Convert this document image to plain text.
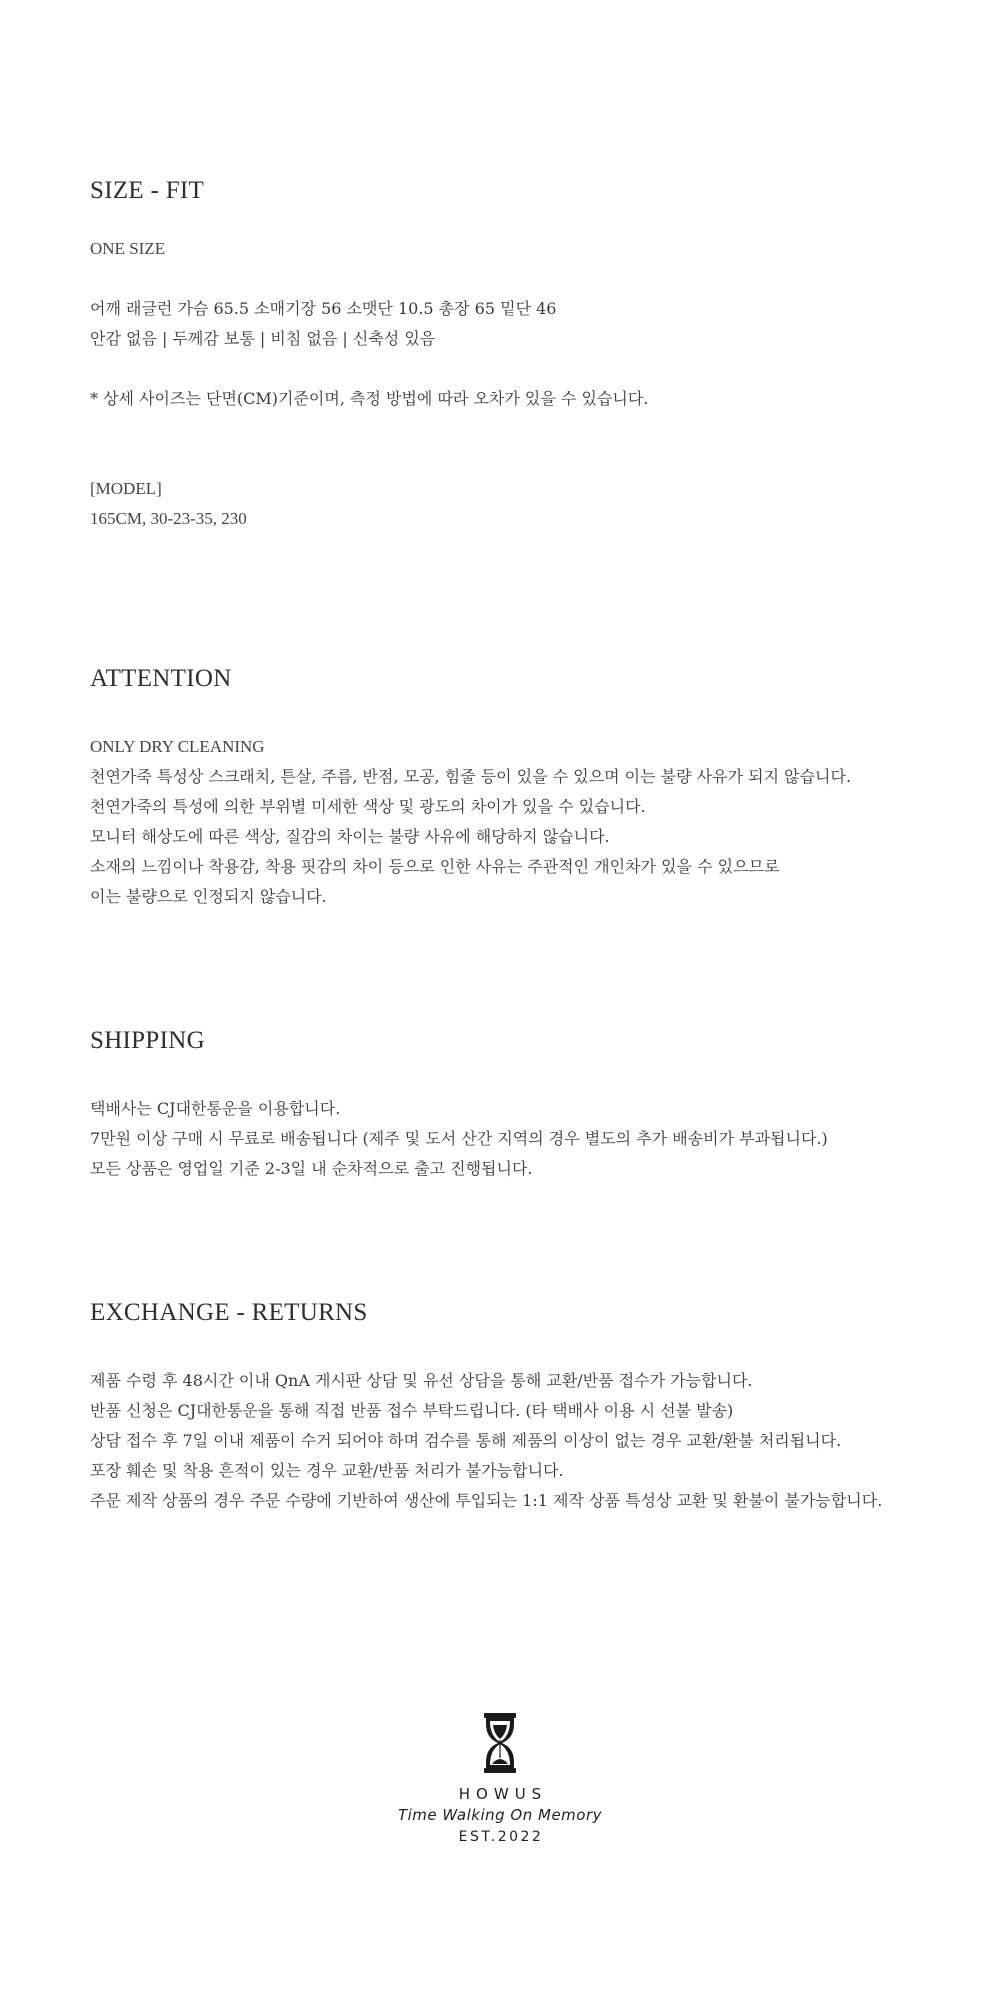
SIZE - FIT
ONE SIZE
어깨 래글런 가슴 65.5 소매기장 56 소맷단 10.5 총장 65 밑단 46
안감 없음 | 두께감 보통 | 비침 없음 | 신축성 있음
* 상세 사이즈는 단면(CM)기준이며, 측정 방법에 따라 오차가 있을 수 있습니다.
[MODEL]
165CM, 30-23-35, 230
ATTENTION
ONLY DRY CLEANING
천연가죽 특성상 스크래치, 튼살, 주름, 반점, 모공, 힘줄 등이 있을 수 있으며 이는 불량 사유가 되지 않습니다.
천연가죽의 특성에 의한 부위별 미세한 색상 및 광도의 차이가 있을 수 있습니다.
모니터 해상도에 따른 색상, 질감의 차이는 불량 사유에 해당하지 않습니다.
소재의 느낌이나 착용감, 착용 핏감의 차이 등으로 인한 사유는 주관적인 개인차가 있을 수 있으므로
이는 불량으로 인정되지 않습니다.
SHIPPING
택배사는 CJ대한통운을 이용합니다.
7만원 이상 구매 시 무료로 배송됩니다 (제주 및 도서 산간 지역의 경우 별도의 추가 배송비가 부과됩니다.)
모든 상품은 영업일 기준 2-3일 내 순차적으로 출고 진행됩니다.
EXCHANGE - RETURNS
제품 수령 후 48시간 이내 QnA 게시판 상담 및 유선 상담을 통해 교환/반품 접수가 가능합니다.
반품 신청은 CJ대한통운을 통해 직접 반품 접수 부탁드립니다. (타 택배사 이용 시 선불 발송)
상담 접수 후 7일 이내 제품이 수거 되어야 하며 검수를 통해 제품의 이상이 없는 경우 교환/환불 처리됩니다.
포장 훼손 및 착용 흔적이 있는 경우 교환/반품 처리가 불가능합니다.
주문 제작 상품의 경우 주문 수량에 기반하여 생산에 투입되는 1:1 제작 상품 특성상 교환 및 환불이 불가능합니다.
HOWUS
Time Walking On Memory
EST.2022
